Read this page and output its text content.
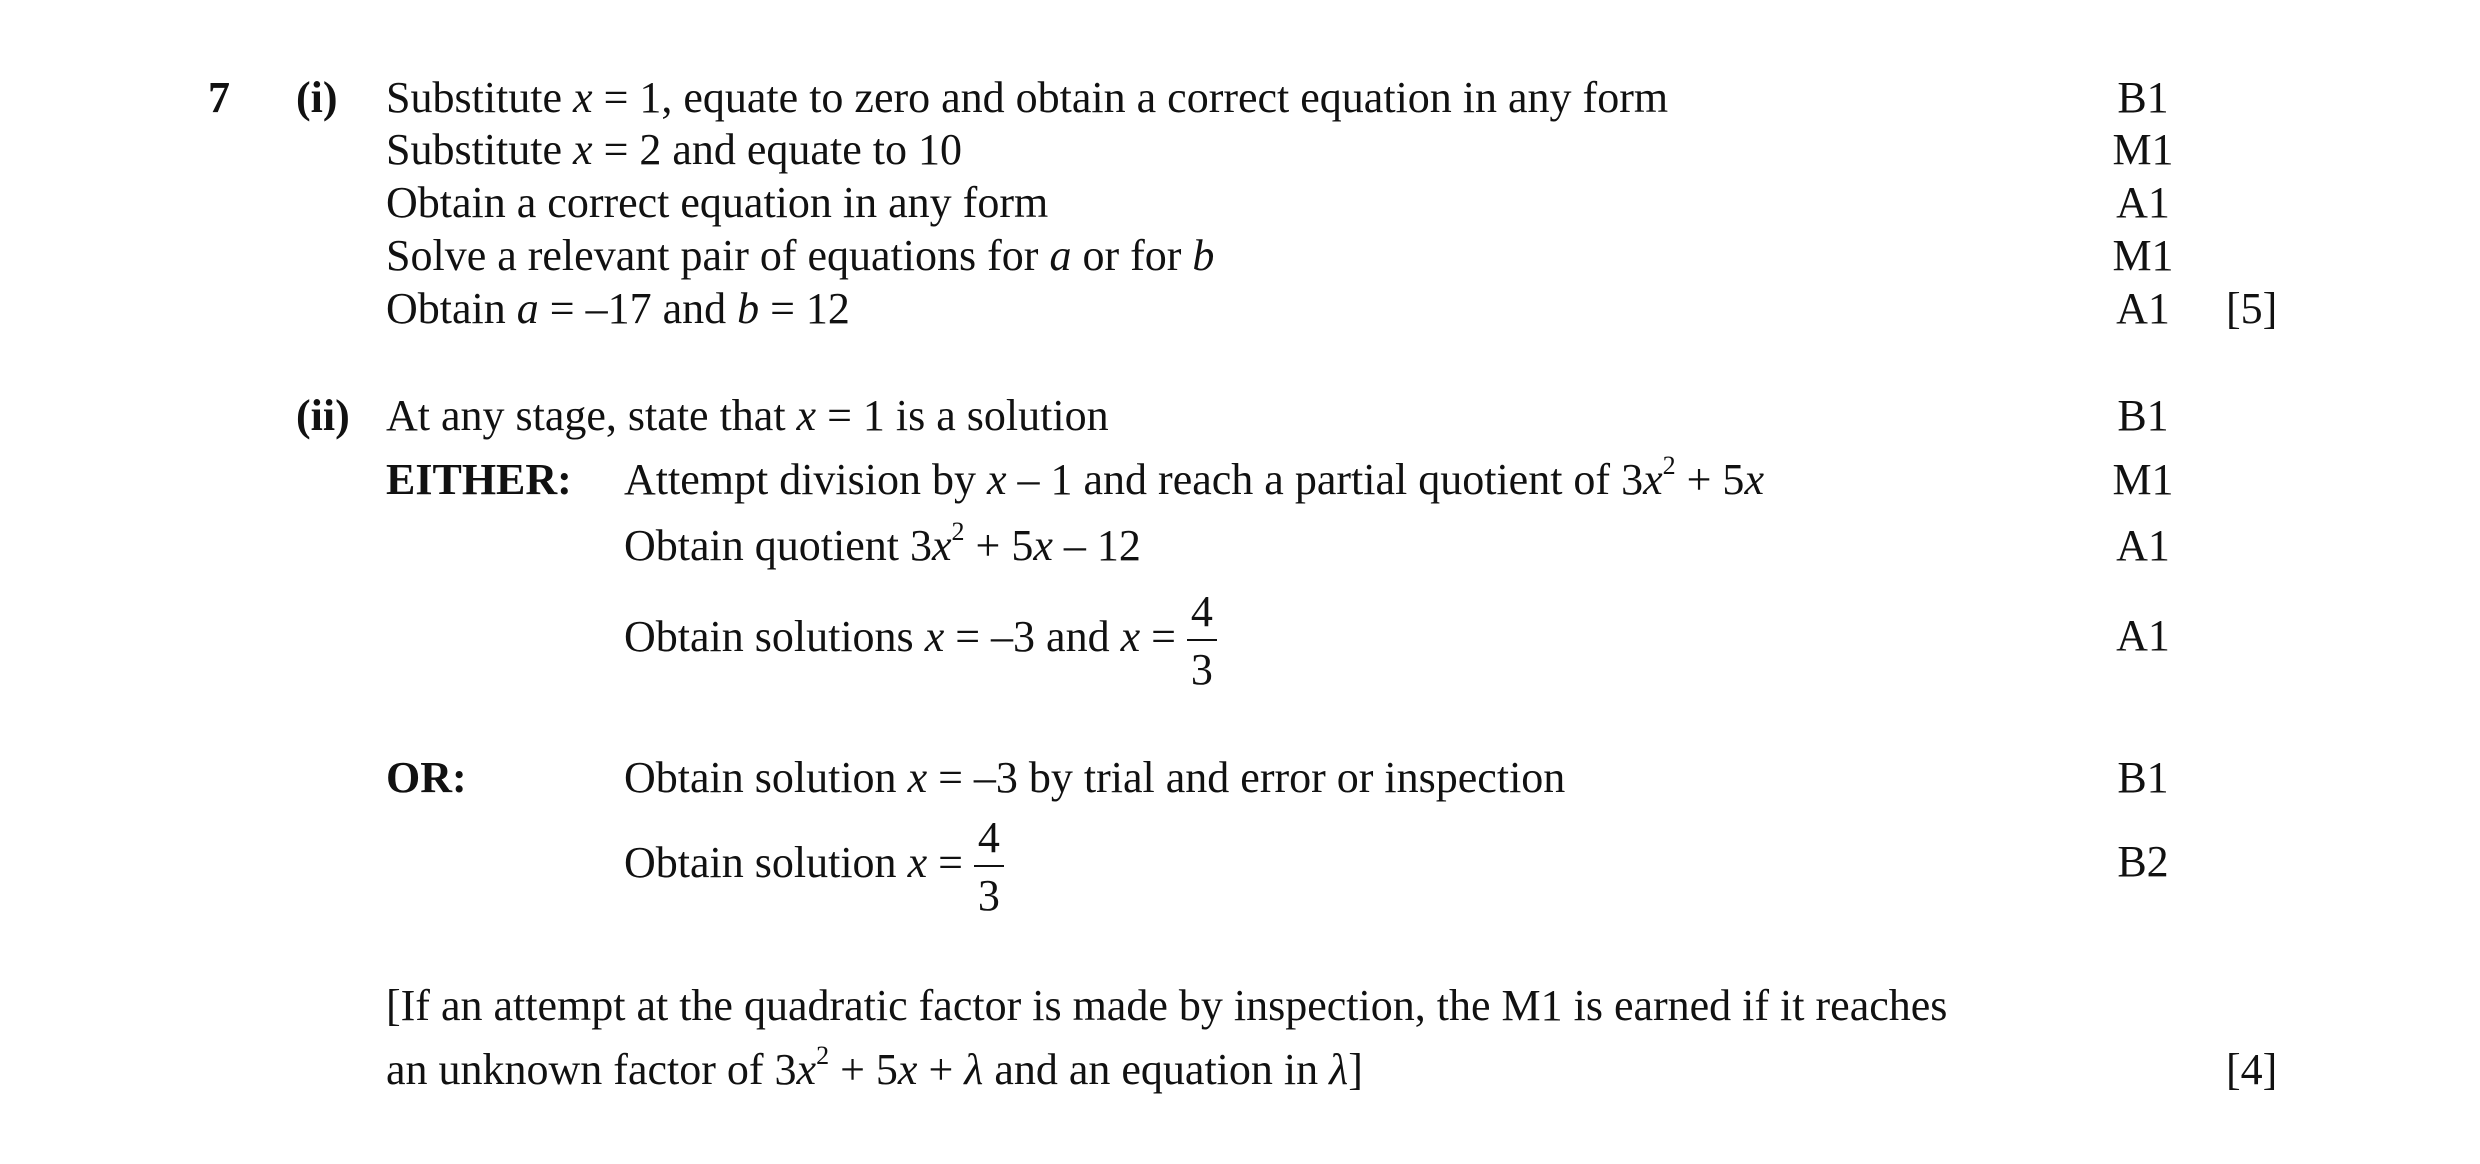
7 (i) Substitute x = 1, equate to zero and obtain a correct equation in any form	B1
Substitute x = 2 and equate to 10	M1
Obtain a correct equation in any form	A1
Solve a relevant pair of equations for a or for b	M1
Obtain a = –17 and b = 12	A1	[5]
(ii) At any stage, state that x = 1 is a solution	B1
EITHER: Attempt division by x – 1 and reach a partial quotient of $3x^2 + 5x$	M1
Obtain quotient $3x^2 + 5x - 12$	A1
Obtain solutions x = –3 and $x = \frac{4}{3}$	A1
OR:	Obtain solution x = –3 by trial and error or inspection	B1
Obtain solution $x = \frac{4}{3}$	B2
[If an attempt at the quadratic factor is made by inspection, the M1 is earned if it reaches
an unknown factor of $3x^2 + 5x + \lambda$ and an equation in λ]	[4]
